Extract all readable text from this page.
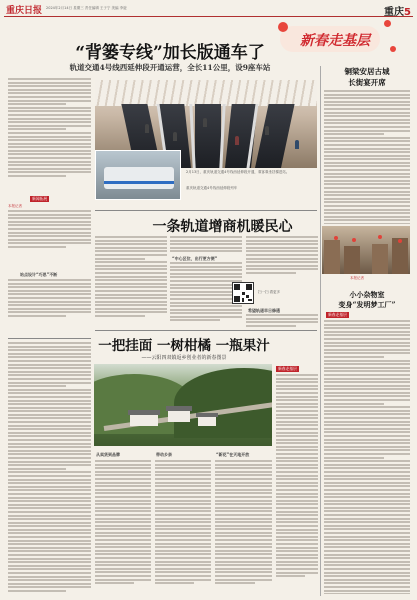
重庆日报 2024年2月14日 星期三 责任编辑 王子宁 美编 李旋	重庆5
新春走基层
“背篓专线”加长版通车了
轨道交通4号线西延伸段开通运营，全长11公里，设9座车站
2月13日，重庆轨道交通4号线西延伸段开通，乘客乘坐扶梯进站。
重庆轨道交通4号线西延伸段列车
新闻拓展
本报记者
站点设计“巧思”不断
一条轨道增商机暖民心
“中心区位，出行更方便”
扫一扫 看更多
希望轨道早日修通
铜梁安居古城
长街宴开席
本报记者
小小杂物室
变身“发明梦工厂”
新春走基层
一把挂面 一树柑橘 一瓶果汁
——云阳四双镇返乡创业者的新春图景
新春走基层
从卖货到品牌	带动乡亲	“新花”在天地开放
